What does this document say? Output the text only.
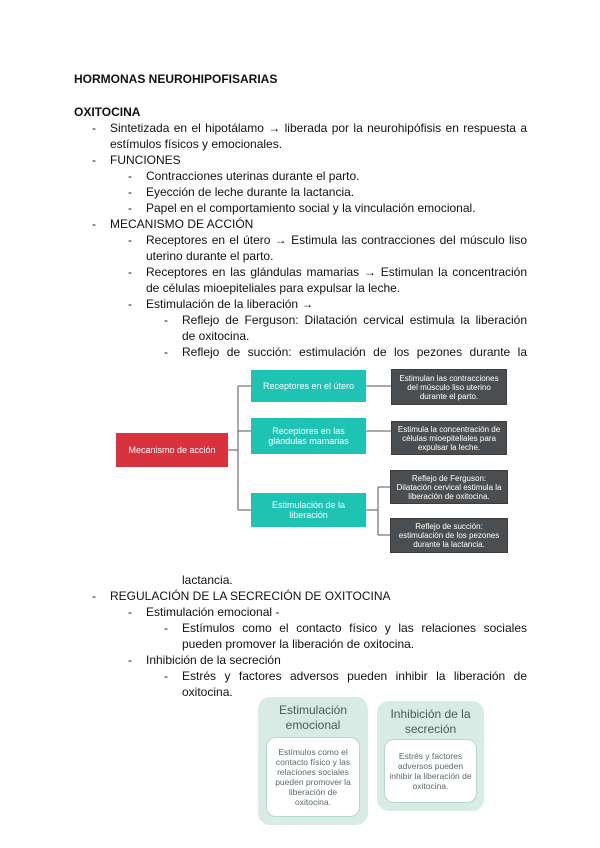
HORMONAS NEUROHIPOFISARIAS
OXITOCINA
- Sintetizada en el hipotálamo → liberada por la neurohipófisis en respuesta a
estímulos físicos y emocionales.
- FUNCIONES
- Contracciones uterinas durante el parto.
- Eyección de leche durante la lactancia.
- Papel en el comportamiento social y la vinculación emocional.
- MECANISMO DE ACCIÓN
- Receptores en el útero → Estimula las contracciones del músculo liso
uterino durante el parto.
- Receptores en las glándulas mamarias → Estimulan la concentración
de células mioepiteliales para expulsar la leche.
- Estimulación de la liberación →
- Reflejo de Ferguson: Dilatación cervical estimula la liberación
de oxitocina.
- Reflejo de succión: estimulación de los pezones durante la
Mecanismo de acción
Receptores en el útero
Receptores en las glándulas mamarias
Estimulación de la liberación
Estimulan las contracciones del músculo liso uterino durante el parto.
Estimula la concentración de células mioepiteliales para expulsar la leche.
Reflejo de Ferguson: Dilatación cervical estimula la liberación de oxitocina.
Reflejo de succión: estimulación de los pezones durante la lactancia.
lactancia.
- REGULACIÓN DE LA SECRECIÓN DE OXITOCINA
- Estimulación emocional -
- Estímulos como el contacto físico y las relaciones sociales
pueden promover la liberación de oxitocina.
- Inhibición de la secreción
- Estrés y factores adversos pueden inhibir la liberación de
oxitocina.
Estimulación emocional
Estímulos como el contacto físico y las relaciones sociales pueden promover la liberación de oxitocina.
Inhibición de la secreción
Estrés y factores adversos pueden inhibir la liberación de oxitocina.
